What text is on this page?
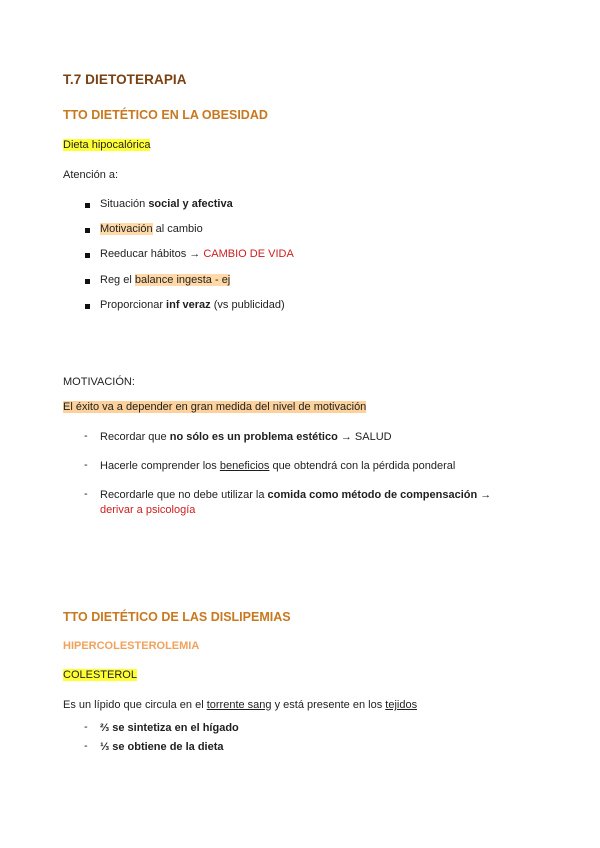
T.7 DIETOTERAPIA
TTO DIETÉTICO EN LA OBESIDAD
Dieta hipocalórica
Atención a:
Situación social y afectiva
Motivación al cambio
Reeducar hábitos → CAMBIO DE VIDA
Reg el balance ingesta - ej
Proporcionar inf veraz (vs publicidad)
MOTIVACIÓN:
El éxito va a depender en gran medida del nivel de motivación
- Recordar que no sólo es un problema estético → SALUD
- Hacerle comprender los beneficios que obtendrá con la pérdida ponderal
- Recordarle que no debe utilizar la comida como método de compensación →
derivar a psicología
TTO DIETÉTICO DE LAS DISLIPEMIAS
HIPERCOLESTEROLEMIA
COLESTEROL
Es un lípido que circula en el torrente sang y está presente en los tejidos
- ⅔ se sintetiza en el hígado
- ⅓ se obtiene de la dieta
